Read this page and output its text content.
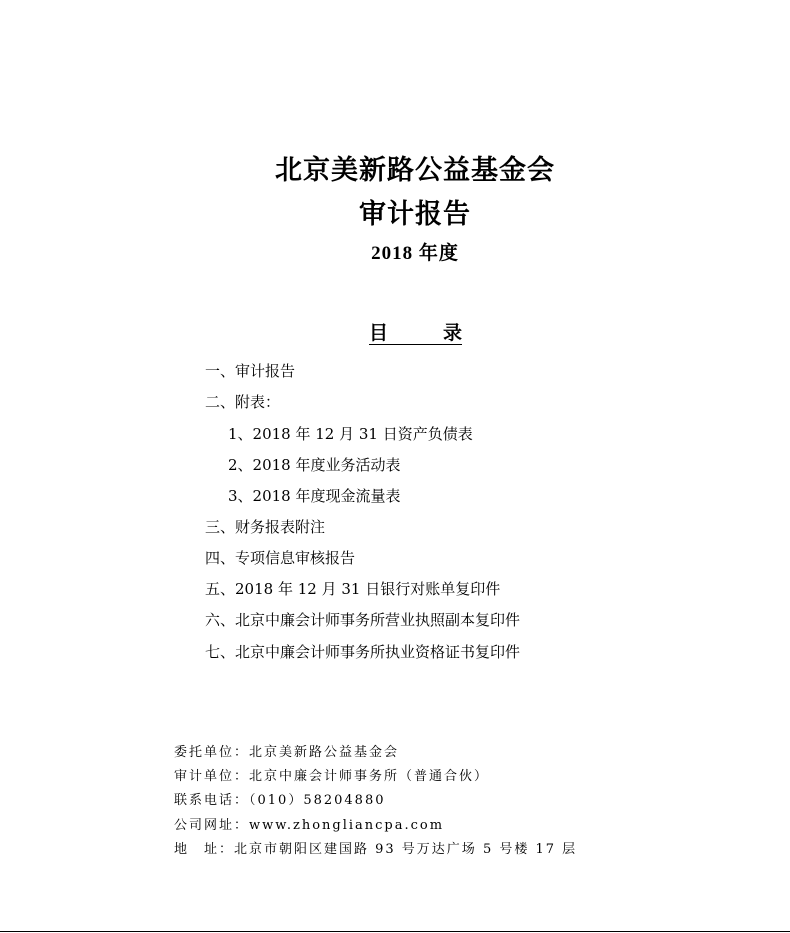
北京美新路公益基金会
审计报告
2018 年度
目	录
一、审计报告
二、附表：
1、2018 年 12 月 31 日资产负债表
2、2018 年度业务活动表
3、2018 年度现金流量表
三、财务报表附注
四、专项信息审核报告
五、2018 年 12 月 31 日银行对账单复印件
六、北京中廉会计师事务所营业执照副本复印件
七、北京中廉会计师事务所执业资格证书复印件
委托单位：北京美新路公益基金会
审计单位：北京中廉会计师事务所（普通合伙）
联系电话：（010）58204880
公司网址：www.zhongliancpa.com
地　址：北京市朝阳区建国路 93 号万达广场 5 号楼 17 层
